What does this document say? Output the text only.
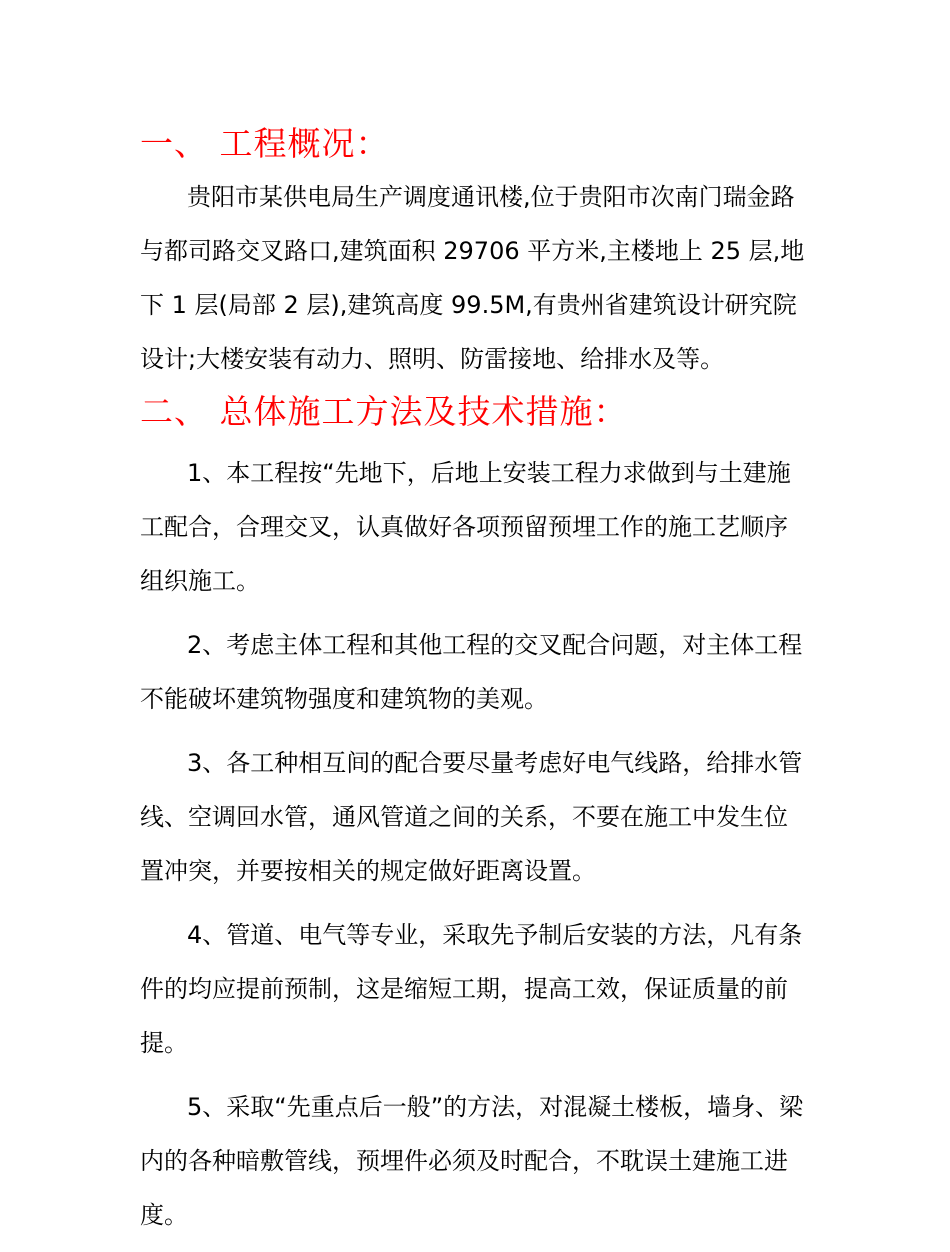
一、 工程概况：

贵阳市某供电局生产调度通讯楼,位于贵阳市次南门瑞金路与都司路交叉路口,建筑面积 29706 平方米,主楼地上 25 层,地下 1 层(局部 2 层),建筑高度 99.5M,有贵州省建筑设计研究院设计;大楼安装有动力、照明、防雷接地、给排水及等。

二、 总体施工方法及技术措施：

1、本工程按“先地下，后地上安装工程力求做到与土建施工配合，合理交叉，认真做好各项预留预埋工作的施工艺顺序组织施工。

2、考虑主体工程和其他工程的交叉配合问题，对主体工程不能破坏建筑物强度和建筑物的美观。

3、各工种相互间的配合要尽量考虑好电气线路，给排水管线、空调回水管，通风管道之间的关系，不要在施工中发生位置冲突，并要按相关的规定做好距离设置。

4、管道、电气等专业，采取先予制后安装的方法，凡有条件的均应提前预制，这是缩短工期，提高工效，保证质量的前提。

5、采取“先重点后一般”的方法，对混凝土楼板，墙身、梁内的各种暗敷管线，预埋件必须及时配合，不耽误土建施工进度。
